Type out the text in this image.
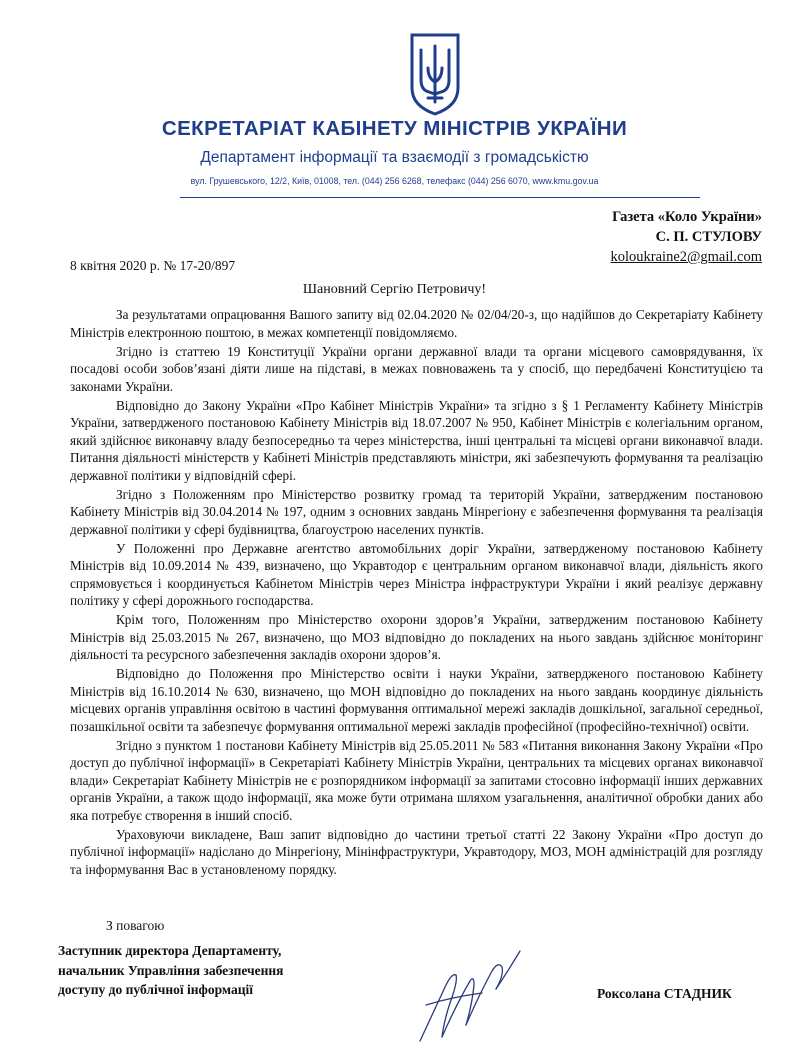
СЕКРЕТАРІАТ КАБІНЕТУ МІНІСТРІВ УКРАЇНИ
Департамент інформації та взаємодії з громадськістю
вул. Грушевського, 12/2, Київ, 01008, тел. (044) 256 6268, телефакс (044) 256 6070, www.kmu.gov.ua
Газета «Коло України»
С. П. СТУЛОВУ
koloukraine2@gmail.com
8 квітня 2020 р. № 17-20/897
Шановний Сергію Петровичу!

За результатами опрацювання Вашого запиту від 02.04.2020 № 02/04/20-з, що надійшов до Секретаріату Кабінету Міністрів електронною поштою, в межах компетенції повідомляємо.

Згідно із статтею 19 Конституції України органи державної влади та органи місцевого самоврядування, їх посадові особи зобов’язані діяти лише на підставі, в межах повноважень та у спосіб, що передбачені Конституцією та законами України.

Відповідно до Закону України «Про Кабінет Міністрів України» та згідно з § 1 Регламенту Кабінету Міністрів України, затвердженого постановою Кабінету Міністрів від 18.07.2007 № 950, Кабінет Міністрів є колегіальним органом, який здійснює виконавчу владу безпосередньо та через міністерства, інші центральні та місцеві органи виконавчої влади. Питання діяльності міністерств у Кабінеті Міністрів представляють міністри, які забезпечують формування та реалізацію державної політики у відповідній сфері.

Згідно з Положенням про Міністерство розвитку громад та територій України, затвердженим постановою Кабінету Міністрів від 30.04.2014 № 197, одним з основних завдань Мінрегіону є забезпечення формування та реалізація державної політики у сфері будівництва, благоустрою населених пунктів.

У Положенні про Державне агентство автомобільних доріг України, затвердженому постановою Кабінету Міністрів від 10.09.2014 № 439, визначено, що Укравтодор є центральним органом виконавчої влади, діяльність якого спрямовується і координується Кабінетом Міністрів через Міністра інфраструктури України і який реалізує державну політику у сфері дорожнього господарства.

Крім того, Положенням про Міністерство охорони здоров’я України, затвердженим постановою Кабінету Міністрів від 25.03.2015 № 267, визначено, що МОЗ відповідно до покладених на нього завдань здійснює моніторинг діяльності та ресурсного забезпечення закладів охорони здоров’я.

Відповідно до Положення про Міністерство освіти і науки України, затвердженого постановою Кабінету Міністрів від 16.10.2014 № 630, визначено, що МОН відповідно до покладених на нього завдань координує діяльність місцевих органів управління освітою в частині формування оптимальної мережі закладів дошкільної, загальної середньої, позашкільної освіти та забезпечує формування оптимальної мережі закладів професійної (професійно-технічної) освіти.

Згідно з пунктом 1 постанови Кабінету Міністрів від 25.05.2011 № 583 «Питання виконання Закону України «Про доступ до публічної інформації» в Секретаріаті Кабінету Міністрів України, центральних та місцевих органах виконавчої влади» Секретаріат Кабінету Міністрів не є розпорядником інформації за запитами стосовно інформації інших державних органів України, а також щодо інформації, яка може бути отримана шляхом узагальнення, аналітичної обробки даних або яка потребує створення в інший спосіб.

Ураховуючи викладене, Ваш запит відповідно до частини третьої статті 22 Закону України «Про доступ до публічної інформації» надіслано до Мінрегіону, Мінінфраструктури, Укравтодору, МОЗ, МОН адміністрацій для розгляду та інформування Вас в установленому порядку.

З повагою
Заступник директора Департаменту,
начальник Управління забезпечення
доступу до публічної інформації	Роксолана СТАДНИК
